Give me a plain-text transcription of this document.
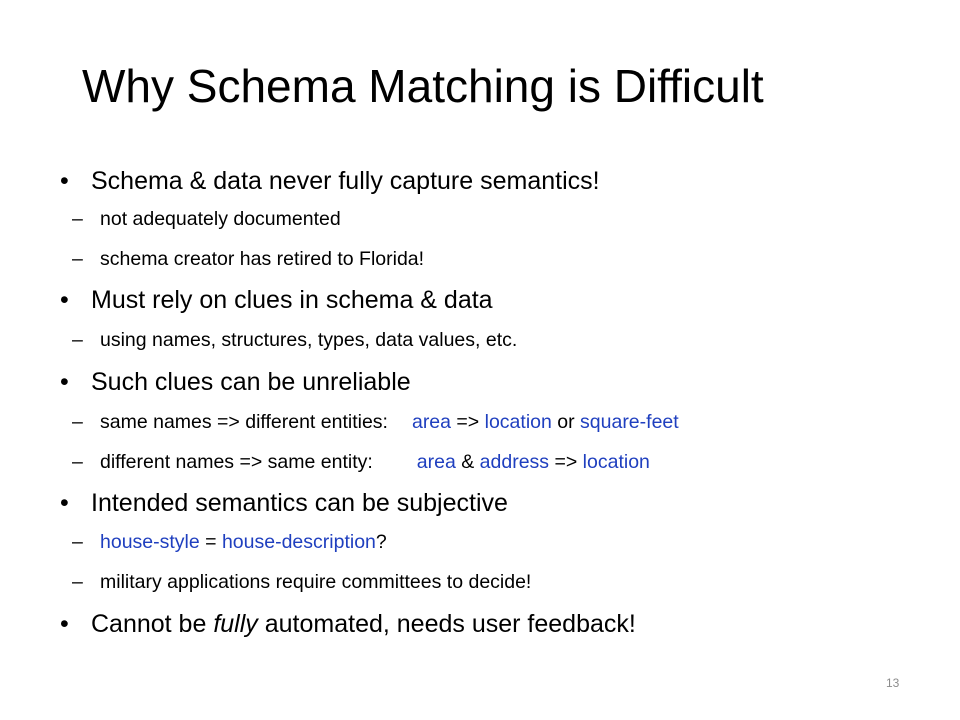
Why Schema Matching is Difficult
• Schema & data never fully capture semantics!
– not adequately documented
– schema creator has retired to Florida!
• Must rely on clues in schema & data
– using names, structures, types, data values, etc.
• Such clues can be unreliable
– same names => different entities: area => location or square-feet
– different names => same entity: area & address => location
• Intended semantics can be subjective
– house-style = house-description?
– military applications require committees to decide!
• Cannot be fully automated, needs user feedback!
13
